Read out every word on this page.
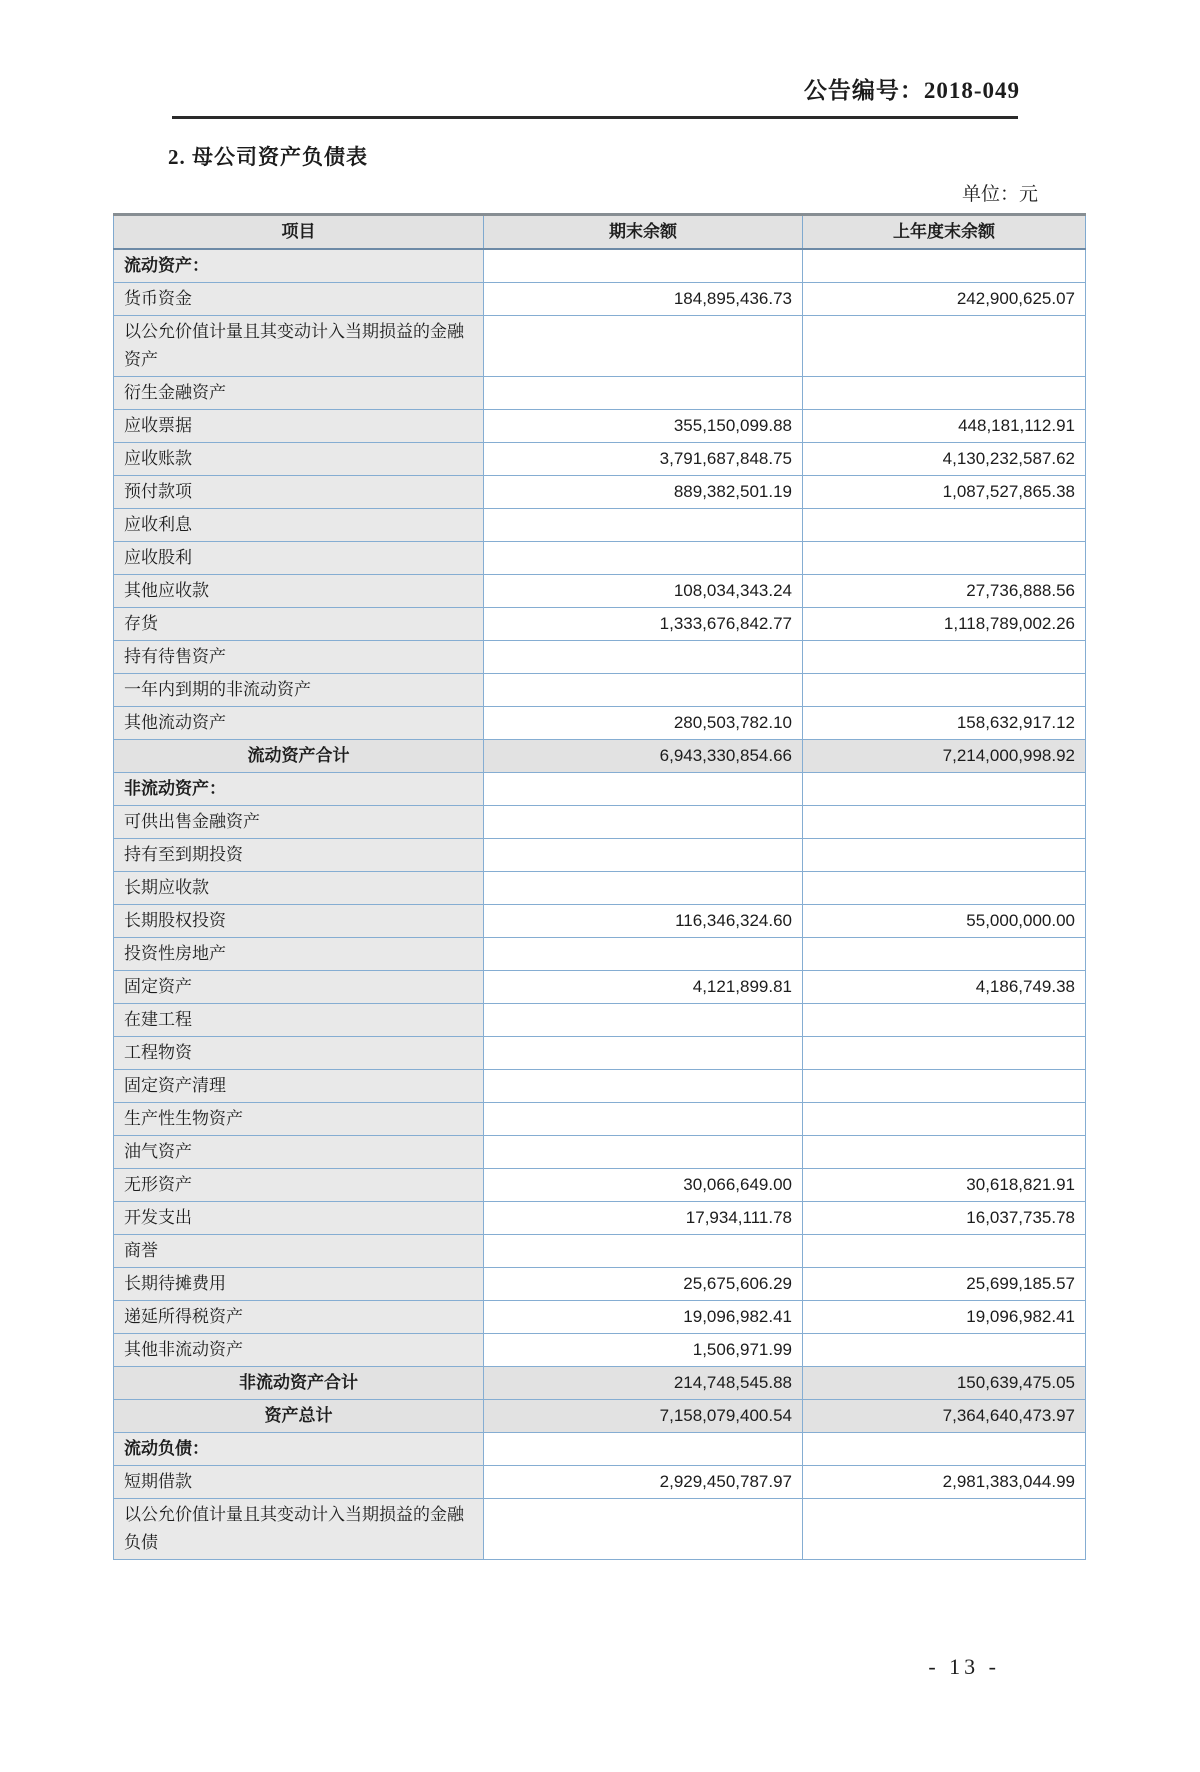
公告编号：2018-049
2. 母公司资产负债表
单位：元
项目	期末余额	上年度末余额
流动资产：		
货币资金	184,895,436.73	242,900,625.07
以公允价值计量且其变动计入当期损益的金融资产		
衍生金融资产		
应收票据	355,150,099.88	448,181,112.91
应收账款	3,791,687,848.75	4,130,232,587.62
预付款项	889,382,501.19	1,087,527,865.38
应收利息		
应收股利		
其他应收款	108,034,343.24	27,736,888.56
存货	1,333,676,842.77	1,118,789,002.26
持有待售资产		
一年内到期的非流动资产		
其他流动资产	280,503,782.10	158,632,917.12
流动资产合计	6,943,330,854.66	7,214,000,998.92
非流动资产：		
可供出售金融资产		
持有至到期投资		
长期应收款		
长期股权投资	116,346,324.60	55,000,000.00
投资性房地产		
固定资产	4,121,899.81	4,186,749.38
在建工程		
工程物资		
固定资产清理		
生产性生物资产		
油气资产		
无形资产	30,066,649.00	30,618,821.91
开发支出	17,934,111.78	16,037,735.78
商誉		
长期待摊费用	25,675,606.29	25,699,185.57
递延所得税资产	19,096,982.41	19,096,982.41
其他非流动资产	1,506,971.99	
非流动资产合计	214,748,545.88	150,639,475.05
资产总计	7,158,079,400.54	7,364,640,473.97
流动负债：		
短期借款	2,929,450,787.97	2,981,383,044.99
以公允价值计量且其变动计入当期损益的金融负债		
- 13 -
